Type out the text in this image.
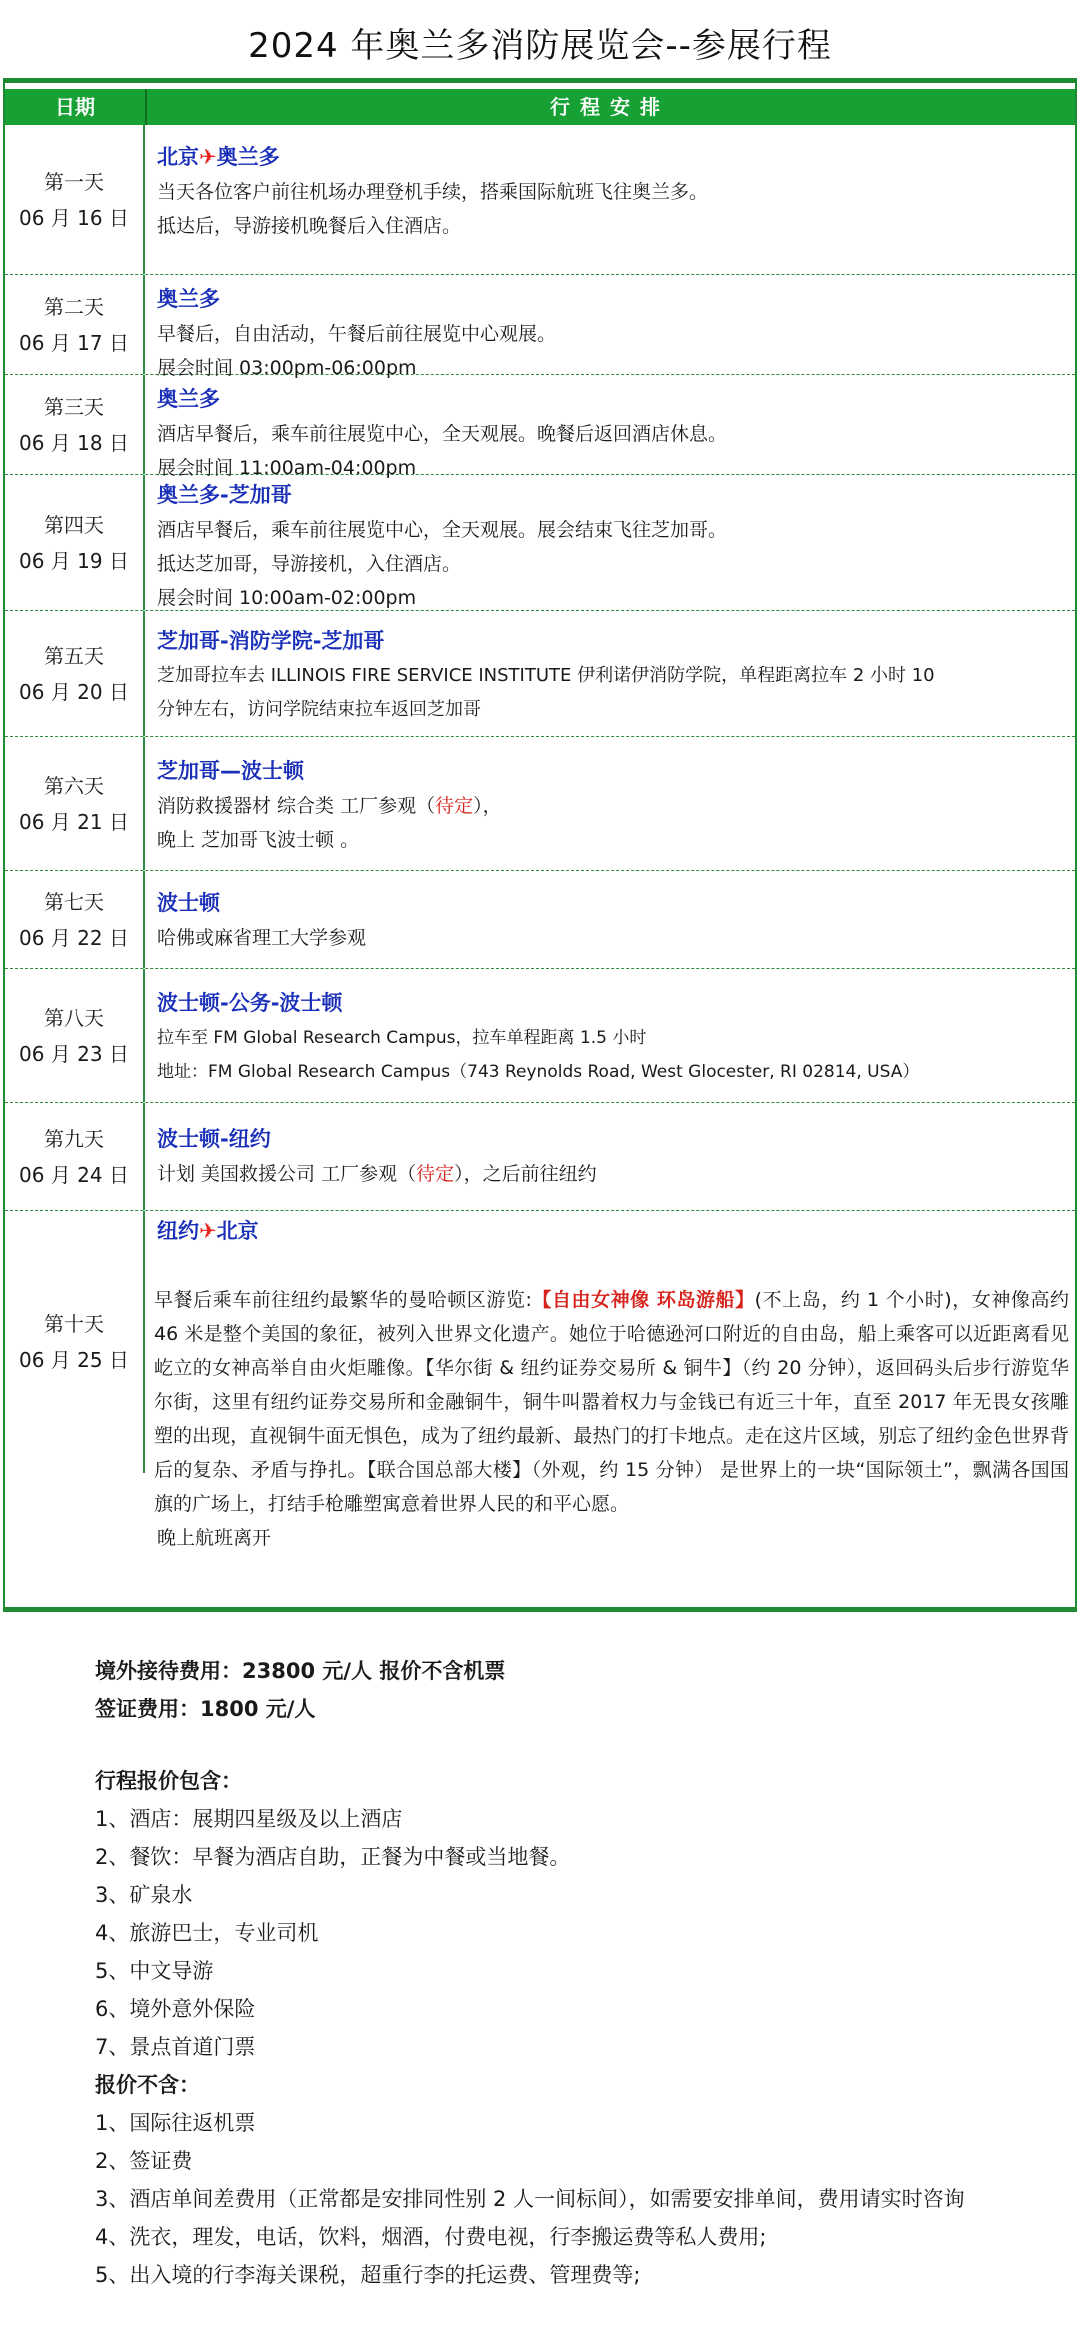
2024 年奥兰多消防展览会--参展行程
日期	行程安排
第一天
06 月 16 日
北京✈奥兰多
当天各位客户前往机场办理登机手续，搭乘国际航班飞往奥兰多。
抵达后，导游接机晚餐后入住酒店。
第二天
06 月 17 日
奥兰多
早餐后，自由活动，午餐后前往展览中心观展。
展会时间 03:00pm-06:00pm
第三天
06 月 18 日
奥兰多
酒店早餐后，乘车前往展览中心，全天观展。晚餐后返回酒店休息。
展会时间 11:00am-04:00pm
第四天
06 月 19 日
奥兰多-芝加哥
酒店早餐后，乘车前往展览中心，全天观展。展会结束飞往芝加哥。
抵达芝加哥，导游接机，入住酒店。
展会时间 10:00am-02:00pm
第五天
06 月 20 日
芝加哥-消防学院-芝加哥
芝加哥拉车去 ILLINOIS FIRE SERVICE INSTITUTE 伊利诺伊消防学院，单程距离拉车 2 小时 10
分钟左右，访问学院结束拉车返回芝加哥
第六天
06 月 21 日
芝加哥—波士顿
消防救援器材 综合类 工厂参观（待定），
晚上 芝加哥飞波士顿 。
第七天
06 月 22 日
波士顿
哈佛或麻省理工大学参观
第八天
06 月 23 日
波士顿-公务-波士顿
拉车至 FM Global Research Campus，拉车单程距离 1.5 小时
地址：FM Global Research Campus（743 Reynolds Road, West Glocester, RI 02814, USA）
第九天
06 月 24 日
波士顿-纽约
计划 美国救援公司 工厂参观（待定），之后前往纽约
第十天
06 月 25 日
纽约✈北京
早餐后乘车前往纽约最繁华的曼哈顿区游览:【自由女神像 环岛游船】(不上岛，约 1 个小时)，女神像高约 46 米是整个美国的象征，被列入世界文化遗产。她位于哈德逊河口附近的自由岛，船上乘客可以近距离看见屹立的女神高举自由火炬雕像。【华尔街 & 纽约证券交易所 & 铜牛】（约 20 分钟），返回码头后步行游览华尔街，这里有纽约证券交易所和金融铜牛，铜牛叫嚣着权力与金钱已有近三十年，直至 2017 年无畏女孩雕塑的出现，直视铜牛面无惧色，成为了纽约最新、最热门的打卡地点。走在这片区域，别忘了纽约金色世界背后的复杂、矛盾与挣扎。【联合国总部大楼】（外观，约 15 分钟） 是世界上的一块“国际领土”，飘满各国国旗的广场上，打结手枪雕塑寓意着世界人民的和平心愿。
晚上航班离开
境外接待费用：23800 元/人 报价不含机票
签证费用：1800 元/人
行程报价包含：
1、酒店：展期四星级及以上酒店
2、餐饮：早餐为酒店自助，正餐为中餐或当地餐。
3、矿泉水
4、旅游巴士，专业司机
5、中文导游
6、境外意外保险
7、景点首道门票
报价不含：
1、国际往返机票
2、签证费
3、酒店单间差费用（正常都是安排同性别 2 人一间标间），如需要安排单间，费用请实时咨询
4、洗衣，理发，电话，饮料，烟酒，付费电视，行李搬运费等私人费用;
5、出入境的行李海关课税，超重行李的托运费、管理费等;
